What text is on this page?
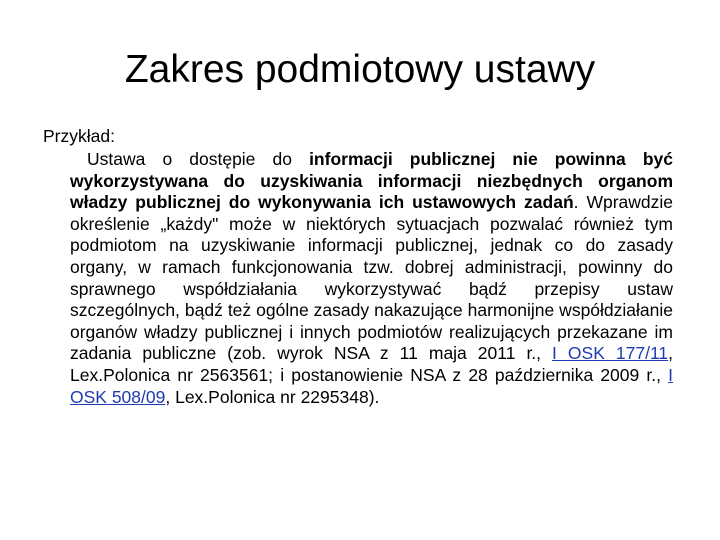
Zakres podmiotowy ustawy

Przykład:

Ustawa o dostępie do informacji publicznej nie powinna być wykorzystywana do uzyskiwania informacji niezbędnych organom władzy publicznej do wykonywania ich ustawowych zadań. Wprawdzie określenie „każdy" może w niektórych sytuacjach pozwalać również tym podmiotom na uzyskiwanie informacji publicznej, jednak co do zasady organy, w ramach funkcjonowania tzw. dobrej administracji, powinny do sprawnego współdziałania wykorzystywać bądź przepisy ustaw szczególnych, bądź też ogólne zasady nakazujące harmonijne współdziałanie organów władzy publicznej i innych podmiotów realizujących przekazane im zadania publiczne (zob. wyrok NSA z 11 maja 2011 r., I OSK 177/11, Lex.Polonica nr 2563561; i postanowienie NSA z 28 października 2009 r., I OSK 508/09, Lex.Polonica nr 2295348).
